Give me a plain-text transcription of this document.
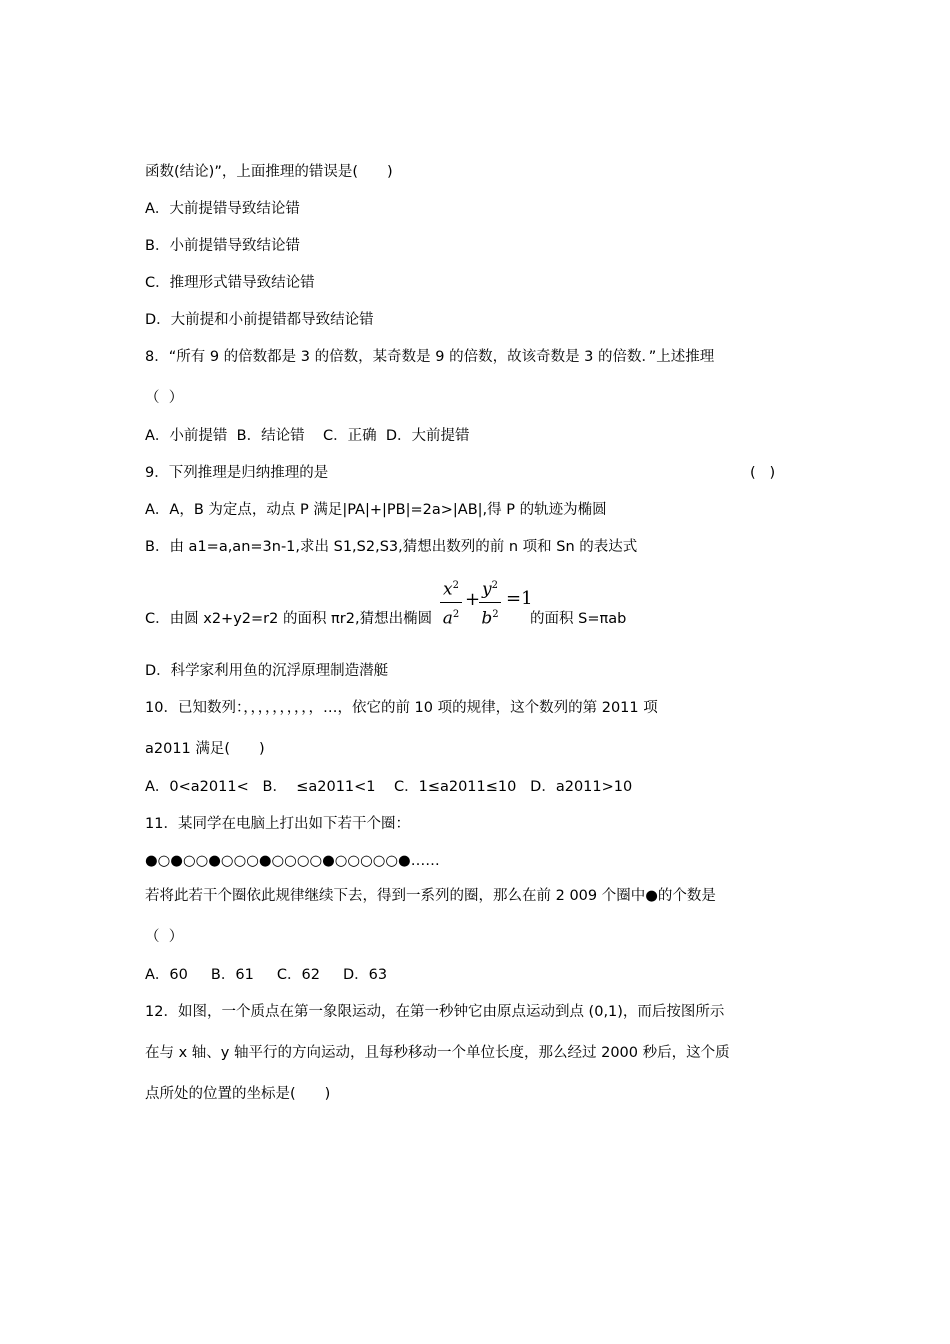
函数(结论)”，上面推理的错误是(　　)
A．大前提错导致结论错
B．小前提错导致结论错
C．推理形式错导致结论错
D．大前提和小前提错都导致结论错
8．“所有 9 的倍数都是 3 的倍数，某奇数是 9 的倍数，故该奇数是 3 的倍数．”上述推理
（  ）
A．小前提错  B．结论错    C．正确  D．大前提错
9．下列推理是归纳推理的是	(   )
A．A，B 为定点，动点 P 满足|PA|+|PB|=2a>|AB|,得 P 的轨迹为椭圆
B．由 a1=a,an=3n-1,求出 S1,S2,S3,猜想出数列的前 n 项和 Sn 的表达式
C．由圆 x2+y2=r2 的面积 πr2,猜想出椭圆
$x^2$
$a^2$
+ $y^2$
$b^2$
=1
的面积 S=πab
D．科学家利用鱼的沉浮原理制造潜艇
10．已知数列：，，，，，，，，，，…，依它的前 10 项的规律，这个数列的第 2011 项
a2011 满足(　　)
A．0<a2011<   B．  ≤a2011<1    C．1≤a2011≤10   D．a2011>10
11．某同学在电脑上打出如下若干个圈：
●○●○○●○○○●○○○○●○○○○○●……
若将此若干个圈依此规律继续下去，得到一系列的圈，那么在前 2 009 个圈中●的个数是
（  ）
A．60     B．61     C．62     D．63
12．如图，一个质点在第一象限运动，在第一秒钟它由原点运动到点 (0,1)，而后按图所示
在与 x 轴、y 轴平行的方向运动，且每秒移动一个单位长度，那么经过 2000 秒后，这个质
点所处的位置的坐标是(　　)
